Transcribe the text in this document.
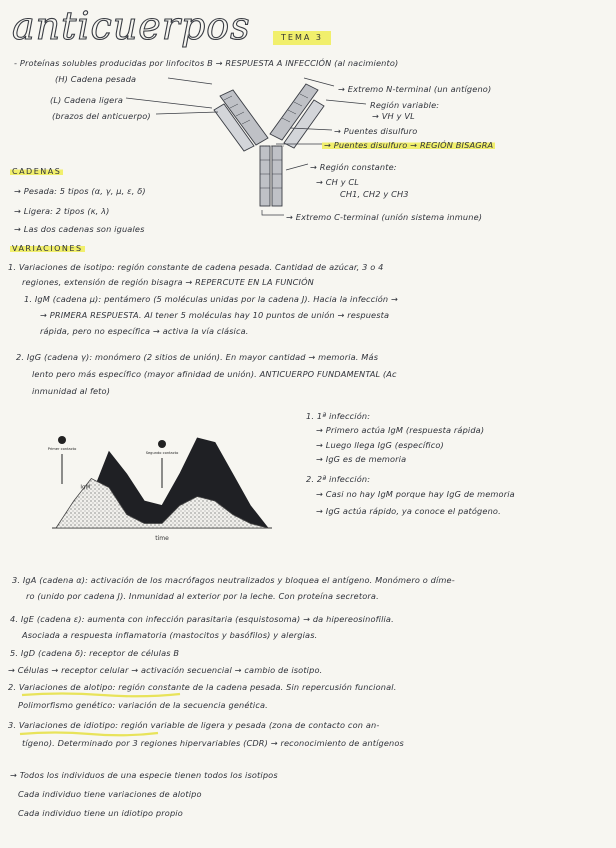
anticuerpos	TEMA 3
- Proteínas solubles producidas por linfocitos B → RESPUESTA A INFECCIÓN (al nacimiento)
(H) Cadena pesada
(L) Cadena ligera
(brazos del anticuerpo)
→ Extremo N-terminal (un antígeno)
Región variable:
→ VH y VL
→ Puentes disulfuro
→ Puentes disulfuro → REGIÓN BISAGRA
→ Región constante:
→ CH y CL
CH1, CH2 y CH3
→ Extremo C-terminal (unión sistema inmune)
CADENAS
→ Pesada: 5 tipos (α, γ, μ, ε, δ)
→ Ligera: 2 tipos (κ, λ)
→ Las dos cadenas son iguales
VARIACIONES
1. Variaciones de isotipo: región constante de cadena pesada. Cantidad de azúcar, 3 o 4
regiones, extensión de región bisagra → REPERCUTE EN LA FUNCIÓN
1. IgM (cadena μ): pentámero (5 moléculas unidas por la cadena J). Hacia la infección →
→ PRIMERA RESPUESTA. Al tener 5 moléculas hay 10 puntos de unión → respuesta
rápida, pero no específica → activa la vía clásica.
2. IgG (cadena γ): monómero (2 sitios de unión). En mayor cantidad → memoria. Más
lento pero más específico (mayor afinidad de unión). ANTICUERPO FUNDAMENTAL (Ac
inmunidad al feto)
1. 1ª infección:
→ Primero actúa IgM (respuesta rápida)
→ Luego llega IgG (específico)
→ IgG es de memoria
2. 2ª infección:
→ Casi no hay IgM porque hay IgG de memoria
→ IgG actúa rápido, ya conoce el patógeno.
time
IgM
Primer contacto
Segundo contacto
3. IgA (cadena α): activación de los macrófagos neutralizados y bloquea el antígeno. Monómero o díme-
ro (unido por cadena J). Inmunidad al exterior por la leche. Con proteína secretora.
4. IgE (cadena ε): aumenta con infección parasitaria (esquistosoma) → da hipereosinofilia.
Asociada a respuesta inflamatoria (mastocitos y basófilos) y alergias.
5. IgD (cadena δ): receptor de células B
→ Células → receptor celular → activación secuencial → cambio de isotipo.
2. Variaciones de alotipo: región constante de la cadena pesada. Sin repercusión funcional.
Polimorfismo genético: variación de la secuencia genética.
3. Variaciones de idiotipo: región variable de ligera y pesada (zona de contacto con an-
tígeno). Determinado por 3 regiones hipervariables (CDR) → reconocimiento de antígenos
→ Todos los individuos de una especie tienen todos los isotipos
Cada individuo tiene variaciones de alotipo
Cada individuo tiene un idiotipo propio
